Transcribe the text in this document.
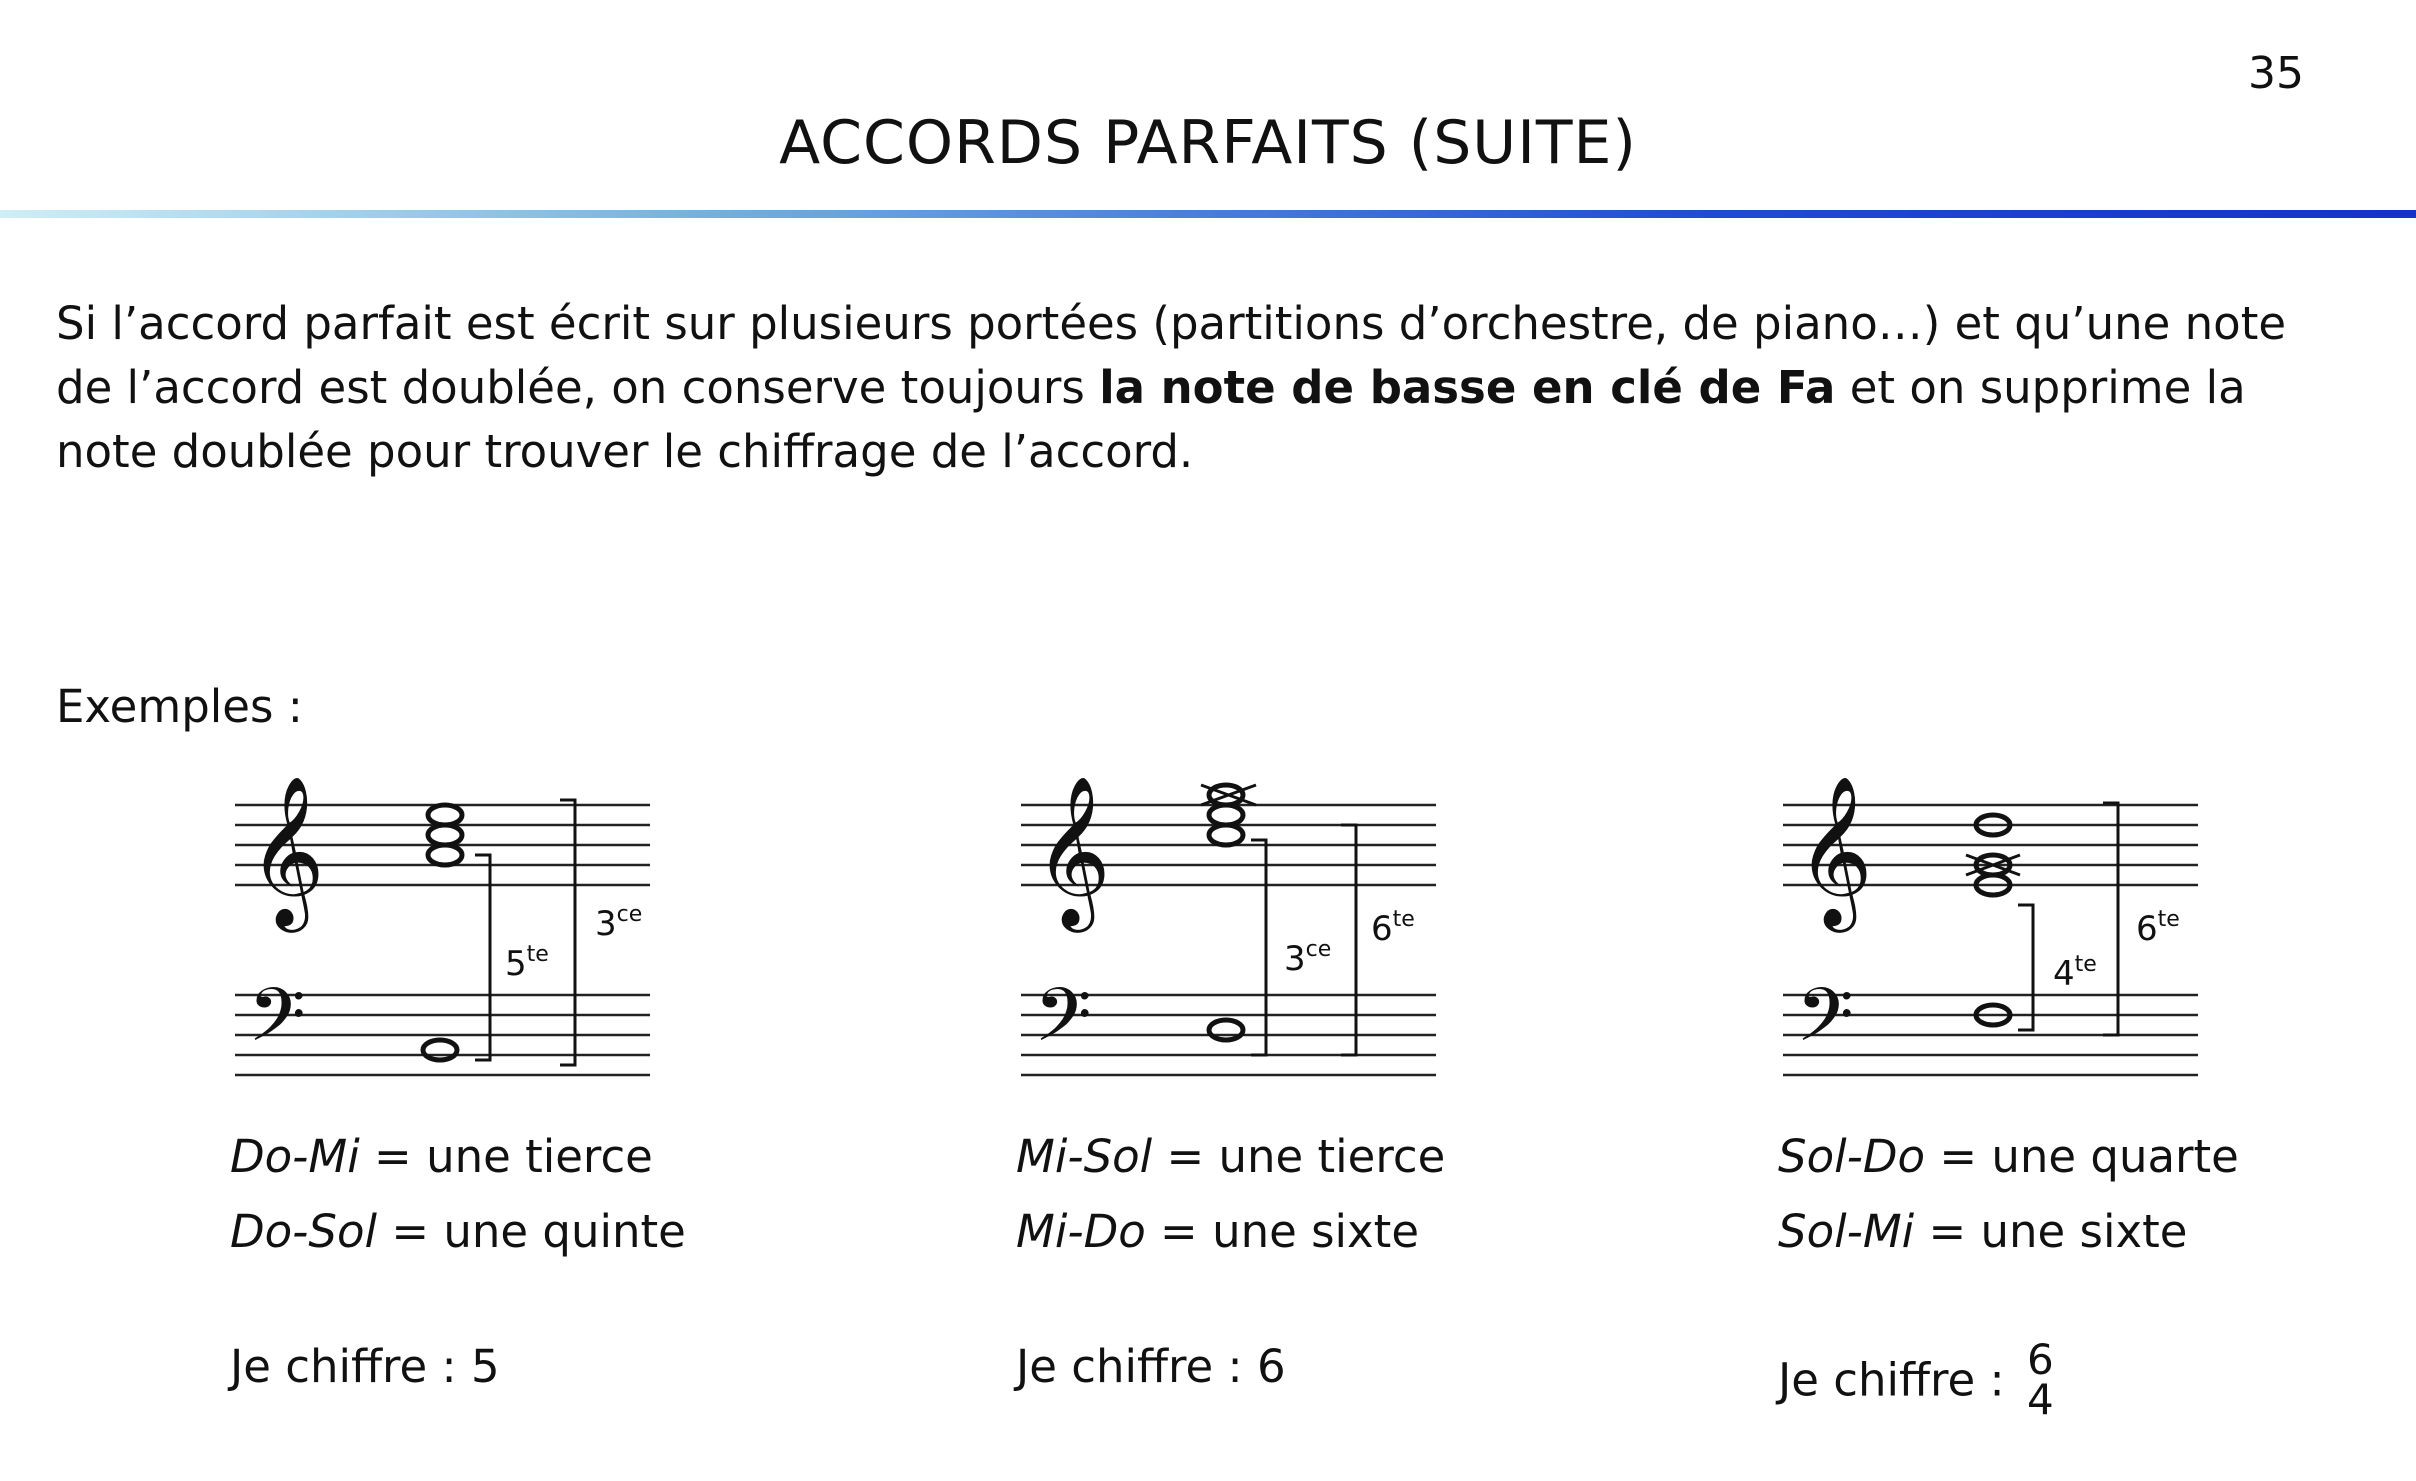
35
ACCORDS PARFAITS (SUITE)

Si l’accord parfait est écrit sur plusieurs portées (partitions d’orchestre, de piano…) et qu’une note de l’accord est doublée, on conserve toujours la note de basse en clé de Fa et on supprime la note doublée pour trouver le chiffrage de l’accord.

Exemples :
𝄞
𝄢
$5^{te}$
$3^{ce}$
Do-Mi = une tierce
Do-Sol = une quinte
Je chiffre : 5
𝄞
𝄢
$3^{ce}$
$6^{te}$
Mi-Sol = une tierce
Mi-Do = une sixte
Je chiffre : 6
𝄞
𝄢	$4^{te}$
$6^{te}$
Sol-Do = une quarte
Sol-Mi = une sixte
Je chiffre : 6
4
